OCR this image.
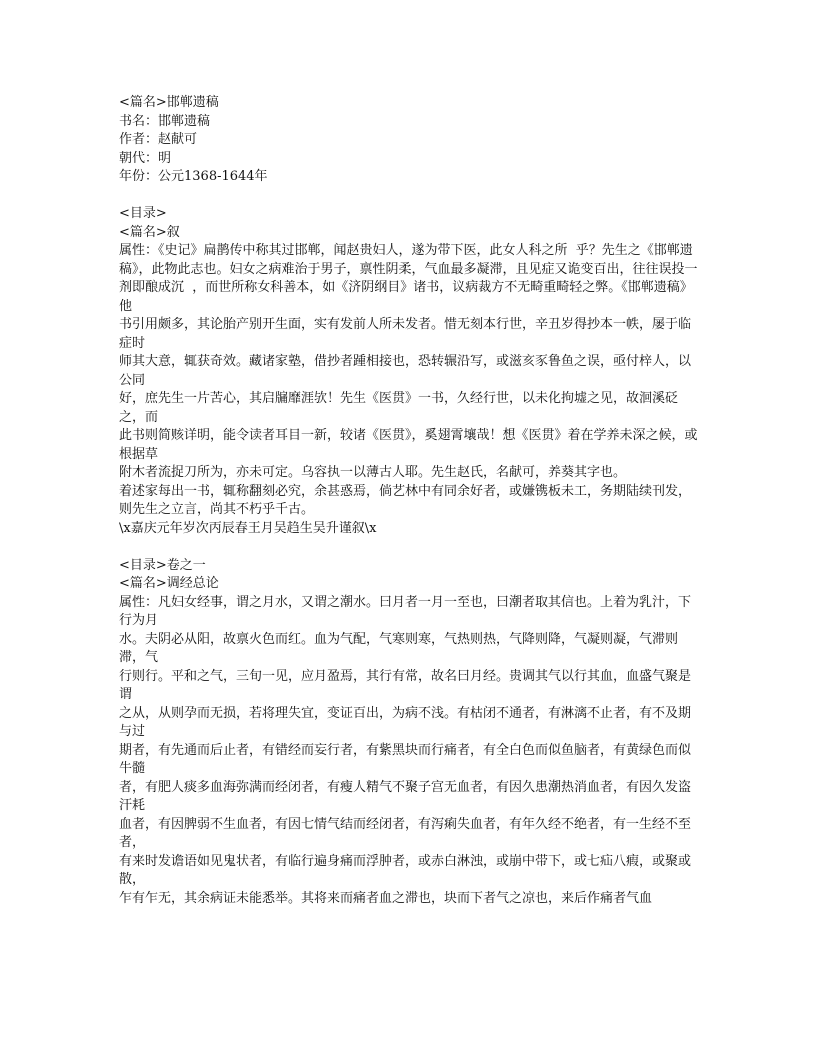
<篇名>邯郸遗稿
书名：邯郸遗稿
作者：赵献可
朝代：明
年份：公元1368-1644年
<目录>
<篇名>叙
属性：《史记》扁鹊传中称其过邯郸，闻赵贵妇人，遂为带下医，此女人科之所  乎？先生之《邯郸遗
稿》，此物此志也。妇女之病难治于男子，禀性阴柔，气血最多凝滞，且见症又诡变百出，往往误投一
剂即酿成沉  ，而世所称女科善本，如《济阴纲目》诸书，议病裁方不无畸重畸轻之弊。《邯郸遗稿》他
书引用颇多，其论胎产别开生面，实有发前人所未发者。惜无刻本行世，辛丑岁得抄本一帙，屡于临症时
师其大意，辄获奇效。藏诸家塾，借抄者踵相接也，恐转辗沿写，或滋亥豕鲁鱼之误，亟付梓人，以公同
好，庶先生一片苦心，其启牖靡涯欤！先生《医贯》一书，久经行世，以未化拘墟之见，故洄溪砭之，而
此书则简赅详明，能令读者耳目一新，较诸《医贯》，奚翅霄壤哉！想《医贯》着在学养未深之候，或根据草
附木者流捉刀所为，亦未可定。乌容执一以薄古人耶。先生赵氏，名献可，养葵其字也。
着述家每出一书，辄称翻刻必究，余甚惑焉，倘艺林中有同余好者，或嫌镌板未工，务期陆续刊发，
则先生之立言，尚其不朽乎千古。
\x嘉庆元年岁次丙辰春王月吴趋生吴升谨叙\x
<目录>卷之一
<篇名>调经总论
属性：凡妇女经事，谓之月水，又谓之潮水。曰月者一月一至也，曰潮者取其信也。上着为乳汁，下行为月
水。夫阴必从阳，故禀火色而红。血为气配，气寒则寒，气热则热，气降则降，气凝则凝，气滞则滞，气
行则行。平和之气，三旬一见，应月盈焉，其行有常，故名曰月经。贵调其气以行其血，血盛气聚是谓
之从，从则孕而无损，若将理失宜，变证百出，为病不浅。有枯闭不通者，有淋漓不止者，有不及期与过
期者，有先通而后止者，有错经而妄行者，有紫黑块而行痛者，有全白色而似鱼脑者，有黄绿色而似牛髓
者，有肥人痰多血海弥满而经闭者，有瘦人精气不聚子宫无血者，有因久患潮热消血者，有因久发盗汗耗
血者，有因脾弱不生血者，有因七情气结而经闭者，有泻痢失血者，有年久经不绝者，有一生经不至者，
有来时发谵语如见鬼状者，有临行遍身痛而浮肿者，或赤白淋浊，或崩中带下，或七疝八瘕，或聚或散，
乍有乍无，其余病证未能悉举。其将来而痛者血之滞也，块而下者气之凉也，来后作痛者气血
